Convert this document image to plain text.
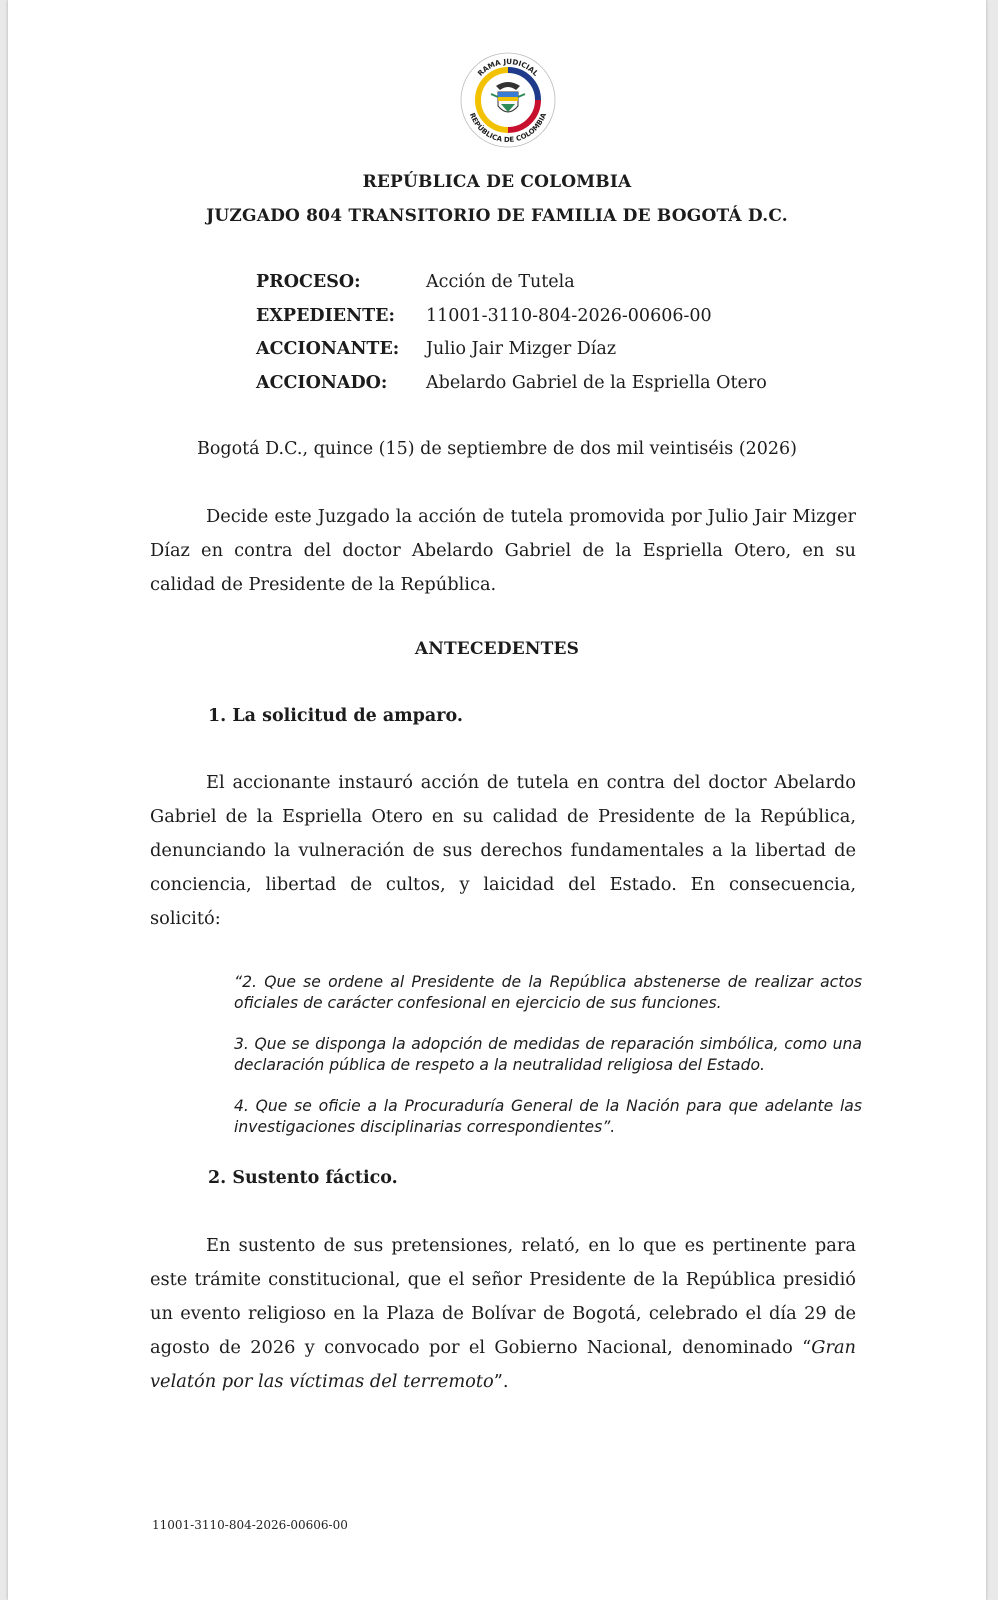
RAMA JUDICIAL
REPÚBLICA DE COLOMBIA
REPÚBLICA DE COLOMBIA
JUZGADO 804 TRANSITORIO DE FAMILIA DE BOGOTÁ D.C.
PROCESO:	Acción de Tutela
EXPEDIENTE: 11001-3110-804-2026-00606-00
ACCIONANTE: Julio Jair Mizger Díaz
ACCIONADO: Abelardo Gabriel de la Espriella Otero
Bogotá D.C., quince (15) de septiembre de dos mil veintiséis (2026)
Decide este Juzgado la acción de tutela promovida por Julio Jair Mizger Díaz en contra del doctor Abelardo Gabriel de la Espriella Otero, en su calidad de Presidente de la República.
ANTECEDENTES
1. La solicitud de amparo.
El accionante instauró acción de tutela en contra del doctor Abelardo Gabriel de la Espriella Otero en su calidad de Presidente de la República, denunciando la vulneración de sus derechos fundamentales a la libertad de conciencia, libertad de cultos, y laicidad del Estado. En consecuencia, solicitó:
“2. Que se ordene al Presidente de la República abstenerse de realizar actos oficiales de carácter confesional en ejercicio de sus funciones.
3. Que se disponga la adopción de medidas de reparación simbólica, como una declaración pública de respeto a la neutralidad religiosa del Estado.
4. Que se oficie a la Procuraduría General de la Nación para que adelante las investigaciones disciplinarias correspondientes”.
2. Sustento fáctico.
En sustento de sus pretensiones, relató, en lo que es pertinente para este trámite constitucional, que el señor Presidente de la República presidió un evento religioso en la Plaza de Bolívar de Bogotá, celebrado el día 29 de agosto de 2026 y convocado por el Gobierno Nacional, denominado “Gran velatón por las víctimas del terremoto”.
11001-3110-804-2026-00606-00
